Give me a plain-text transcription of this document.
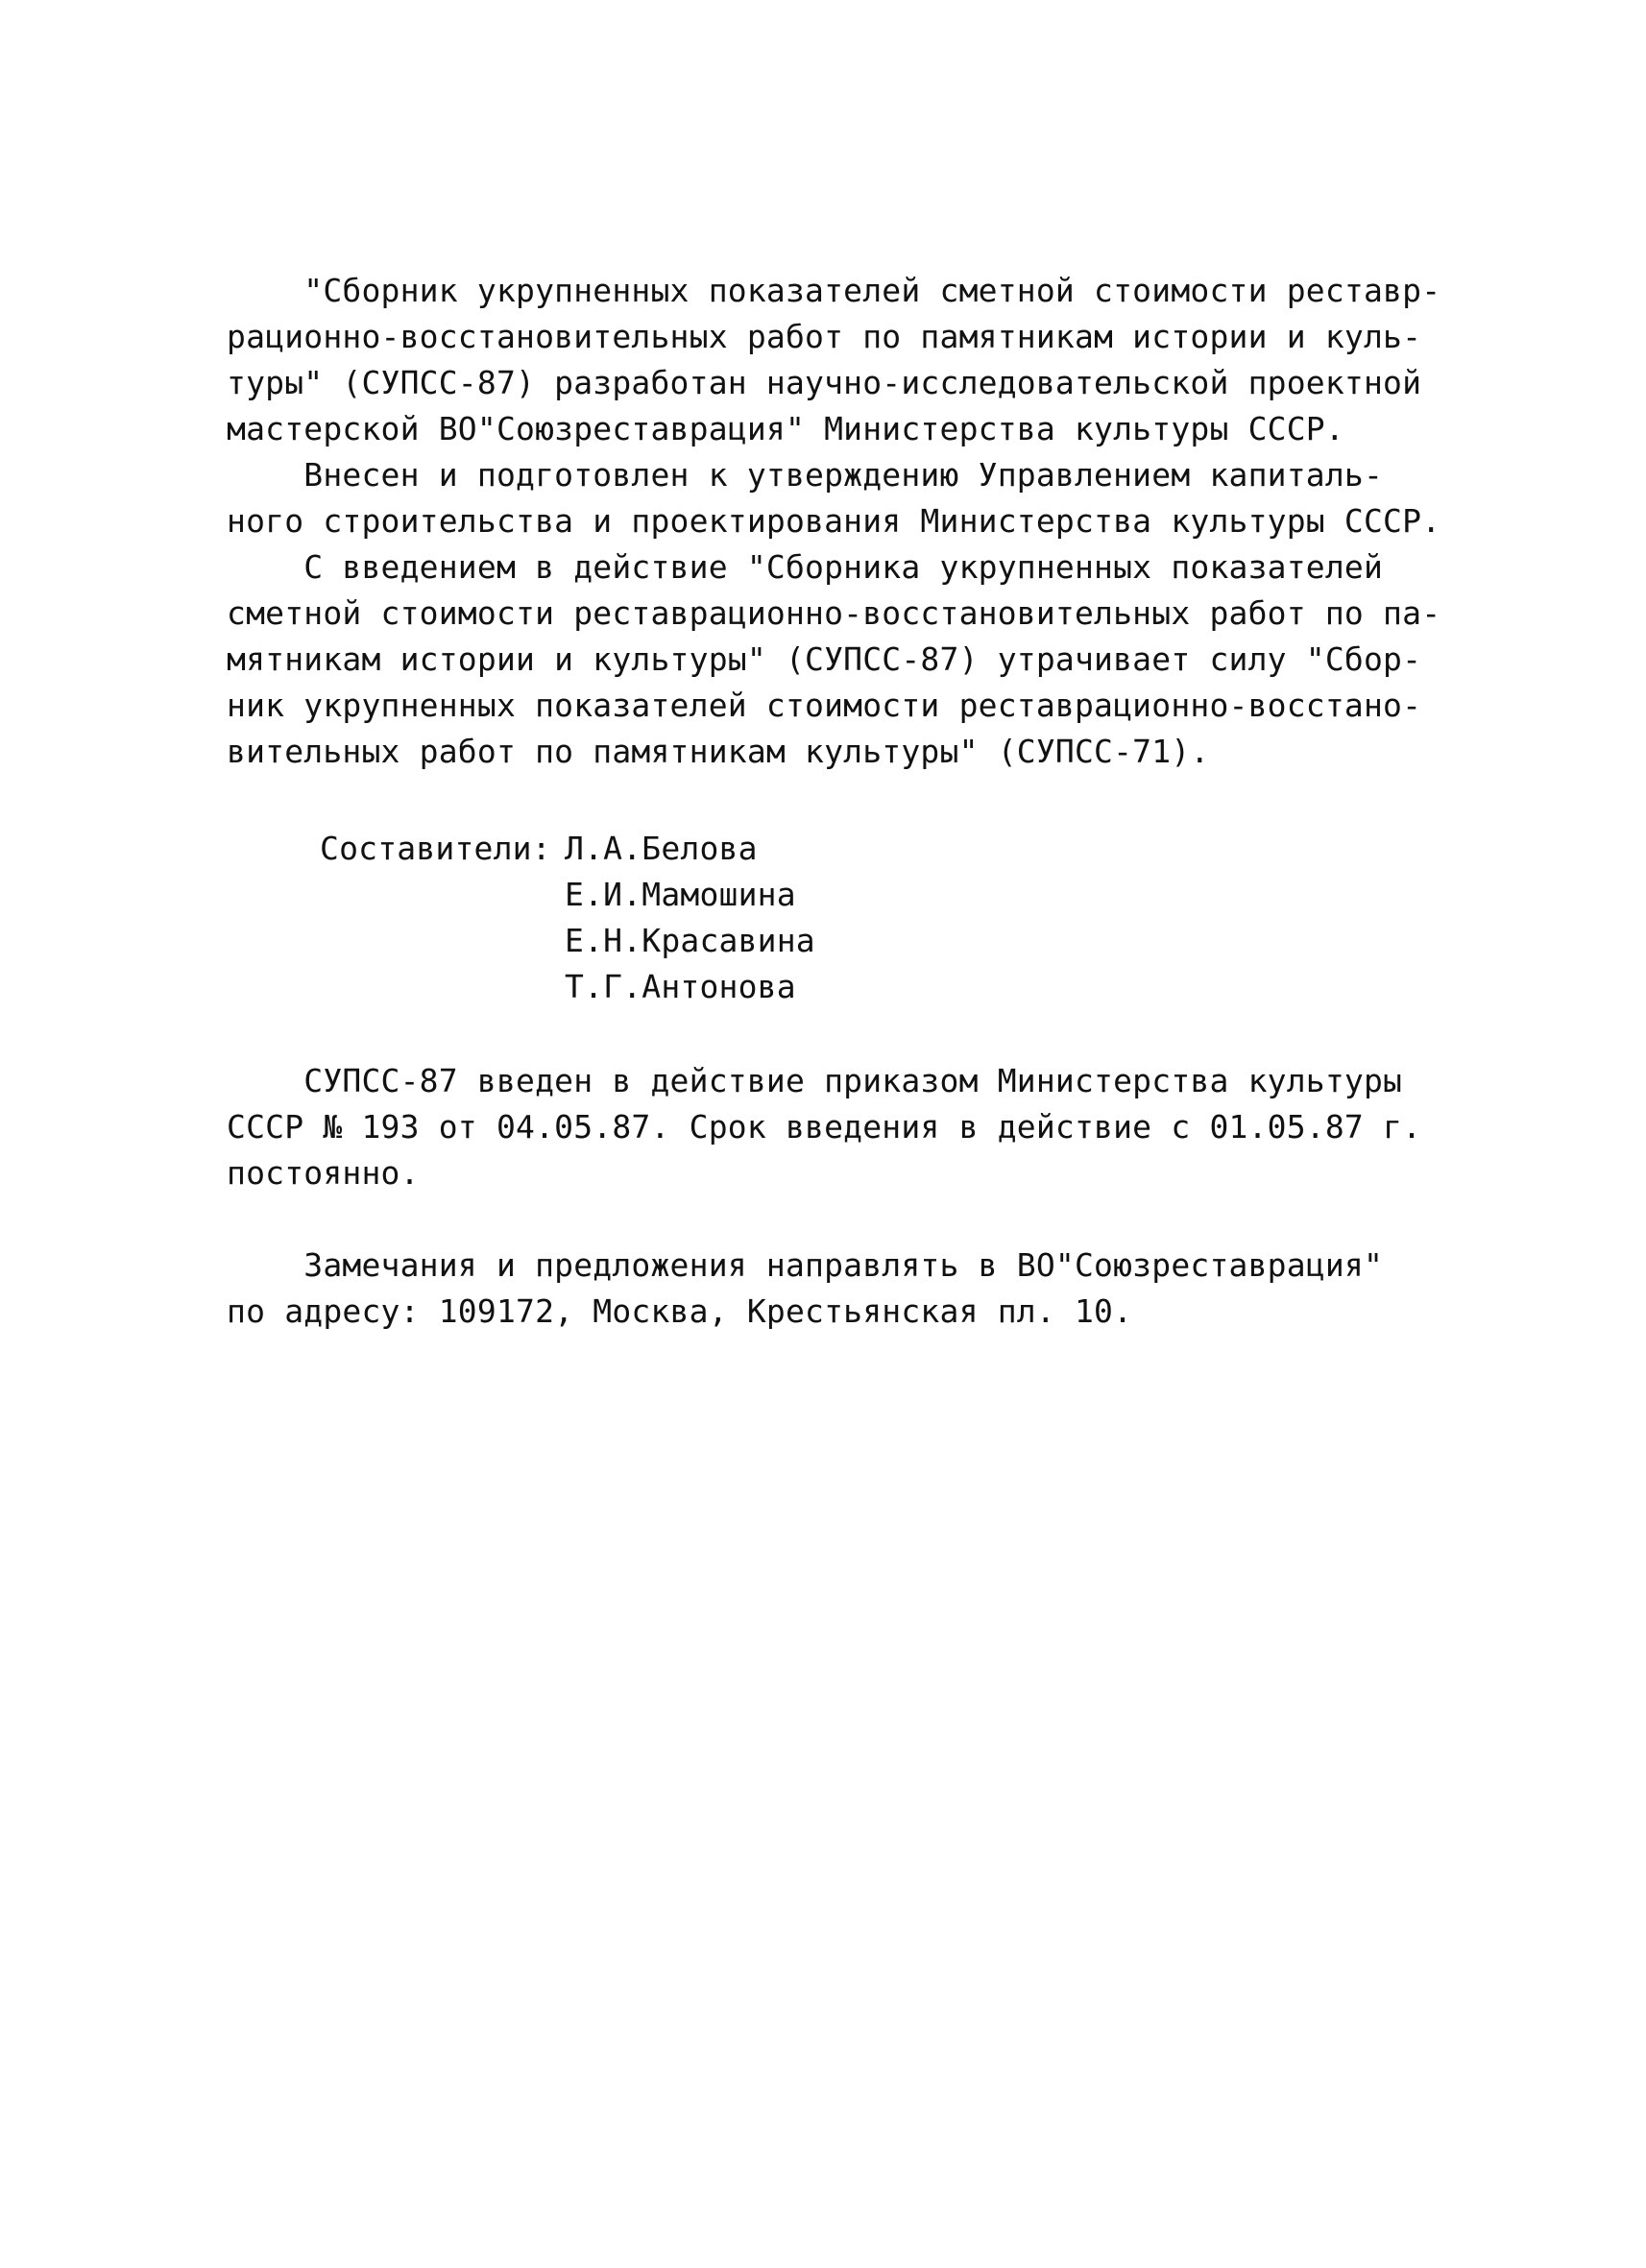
"Сборник укрупненных показателей сметной стоимости реставр-
рационно-восстановительных работ по памятникам истории и куль-
туры" (СУПСС-87) разработан научно-исследовательской проектной
мастерской ВО"Союзреставрация" Министерства культуры СССР.
Внесен и подготовлен к утверждению Управлением капиталь-
ного строительства и проектирования Министерства культуры СССР.
С введением в действие "Сборника укрупненных показателей
сметной стоимости реставрационно-восстановительных работ по па-
мятникам истории и культуры" (СУПСС-87) утрачивает силу "Сбор-
ник укрупненных показателей стоимости реставрационно-восстано-
вительных работ по памятникам культуры" (СУПСС-71).
Составители: Л.А.Белова
Е.И.Мамошина
Е.Н.Красавина
Т.Г.Антонова
СУПСС-87 введен в действие приказом Министерства культуры
СССР № 193 от 04.05.87. Срок введения в действие с 01.05.87 г.
постоянно.
Замечания и предложения направлять в ВО"Союзреставрация"
по адресу: 109172, Москва, Крестьянская пл. 10.
